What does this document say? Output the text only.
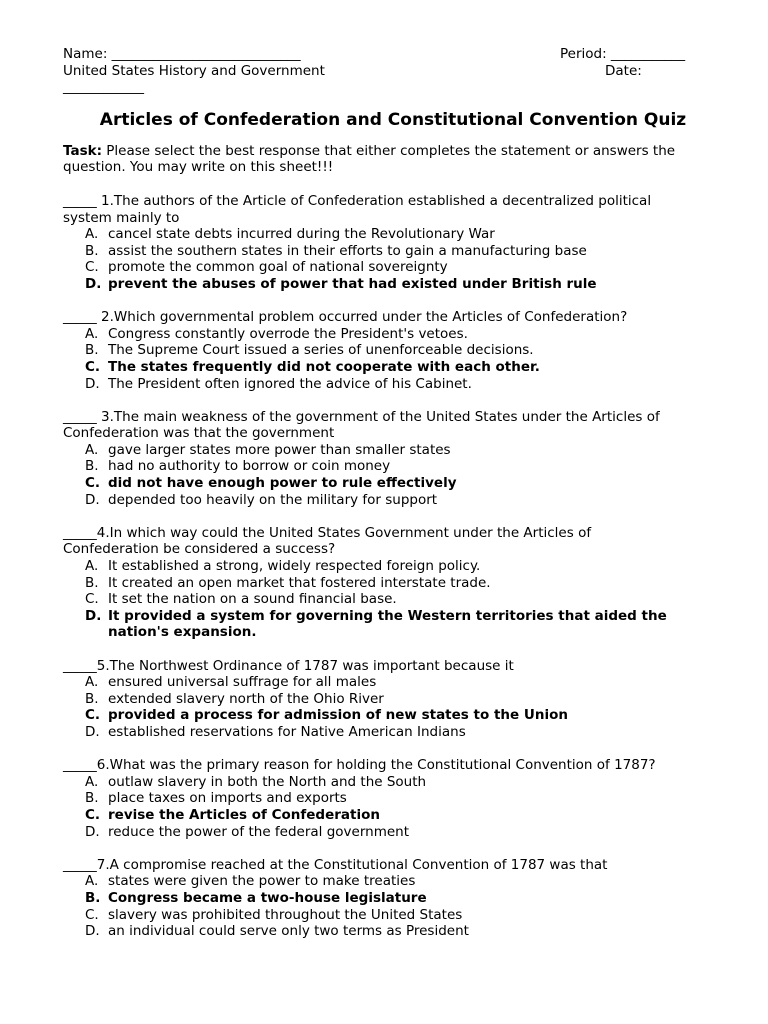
Name: ____________________________	Period: ___________
United States History and Government	Date:
____________
Articles of Confederation and Constitutional Convention Quiz
Task: Please select the best response that either completes the statement or answers the question. You may write on this sheet!!!
_____ 1.The authors of the Article of Confederation established a decentralized political
system mainly to
A. cancel state debts incurred during the Revolutionary War
B. assist the southern states in their efforts to gain a manufacturing base
C. promote the common goal of national sovereignty
D. prevent the abuses of power that had existed under British rule
_____ 2.Which governmental problem occurred under the Articles of Confederation?
A. Congress constantly overrode the President's vetoes.
B. The Supreme Court issued a series of unenforceable decisions.
C. The states frequently did not cooperate with each other.
D. The President often ignored the advice of his Cabinet.
_____ 3.The main weakness of the government of the United States under the Articles of
Confederation was that the government
A. gave larger states more power than smaller states
B. had no authority to borrow or coin money
C. did not have enough power to rule effectively
D. depended too heavily on the military for support
_____4.In which way could the United States Government under the Articles of
Confederation be considered a success?
A. It established a strong, widely respected foreign policy.
B. It created an open market that fostered interstate trade.
C. It set the nation on a sound financial base.
D. It provided a system for governing the Western territories that aided the nation's expansion.
_____5.The Northwest Ordinance of 1787 was important because it
A. ensured universal suffrage for all males
B. extended slavery north of the Ohio River
C. provided a process for admission of new states to the Union
D. established reservations for Native American Indians
_____6.What was the primary reason for holding the Constitutional Convention of 1787?
A. outlaw slavery in both the North and the South
B. place taxes on imports and exports
C. revise the Articles of Confederation
D. reduce the power of the federal government
_____7.A compromise reached at the Constitutional Convention of 1787 was that
A. states were given the power to make treaties
B. Congress became a two-house legislature
C. slavery was prohibited throughout the United States
D. an individual could serve only two terms as President
